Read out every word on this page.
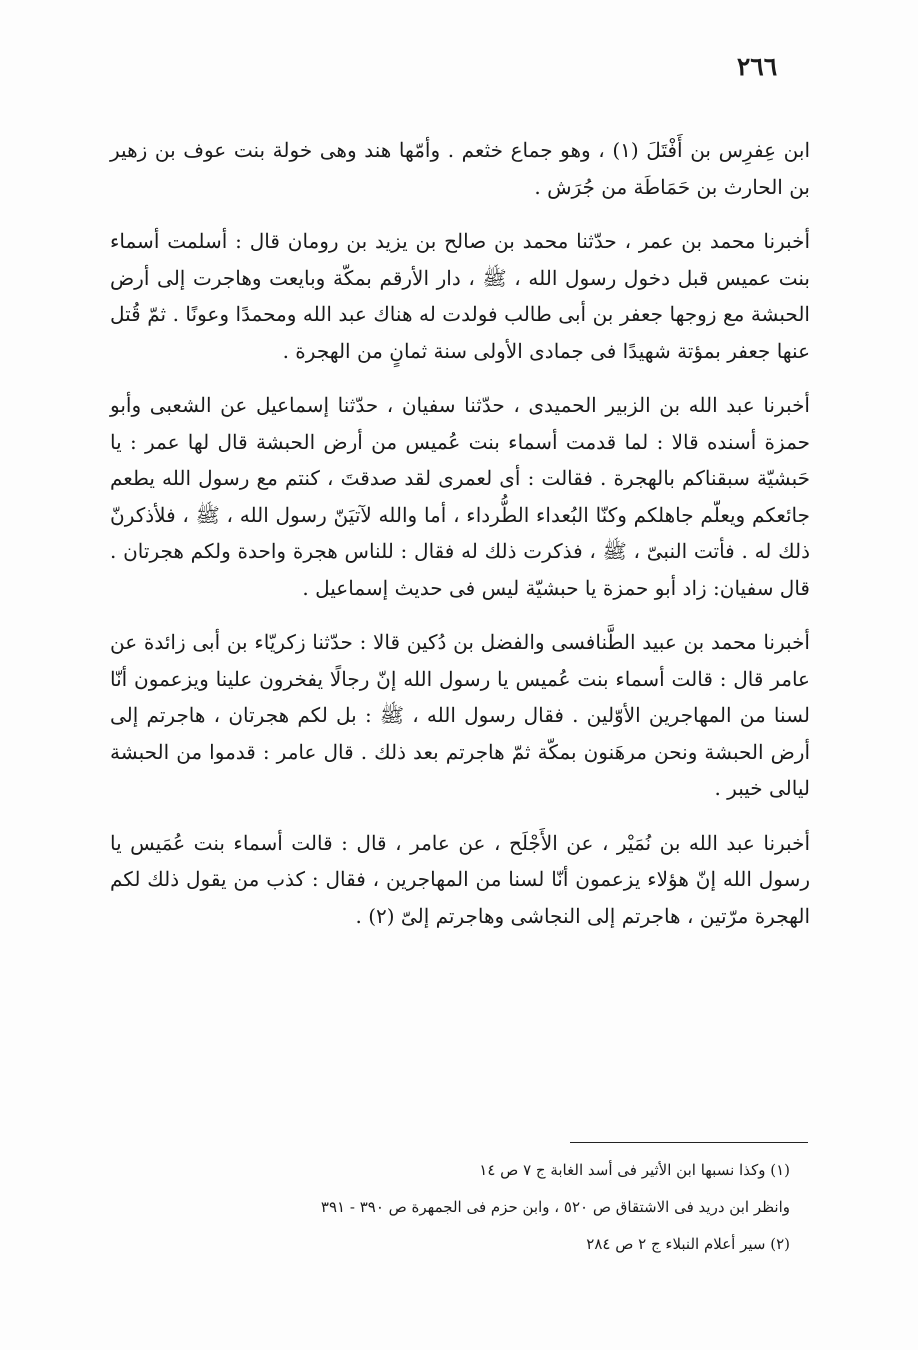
٢٦٦

ابن عِفرِس بن أَفْتَلَ (١) ، وهو جماع خثعم . وأمّها هند وهى خولة بنت عوف بن زهير بن الحارث بن حَمَاطَة من جُرَش .

أخبرنا محمد بن عمر ، حدّثنا محمد بن صالح بن يزيد بن رومان قال : أسلمت أسماء بنت عميس قبل دخول رسول الله ، ﷺ ، دار الأرقم بمكّة وبايعت وهاجرت إلى أرض الحبشة مع زوجها جعفر بن أبى طالب فولدت له هناك عبد الله ومحمدًا وعونًا . ثمّ قُتل عنها جعفر بمؤتة شهيدًا فى جمادى الأولى سنة ثمانٍ من الهجرة .

أخبرنا عبد الله بن الزبير الحميدى ، حدّثنا سفيان ، حدّثنا إسماعيل عن الشعبى وأبو حمزة أسنده قالا : لما قدمت أسماء بنت عُميس من أرض الحبشة قال لها عمر : يا حَبشيّة سبقناكم بالهجرة . فقالت : أى لعمرى لقد صدقتَ ، كنتم مع رسول الله يطعم جائعكم ويعلّم جاهلكم وكنّا البُعداء الطُّرداء ، أما والله لآتيَنّ رسول الله ، ﷺ ، فلأذكرنّ ذلك له . فأتت النبىّ ، ﷺ ، فذكرت ذلك له فقال : للناس هجرة واحدة ولكم هجرتان . قال سفيان: زاد أبو حمزة يا حبشيّة ليس فى حديث إسماعيل .

أخبرنا محمد بن عبيد الطَّنافسى والفضل بن دُكين قالا : حدّثنا زكريّاء بن أبى زائدة عن عامر قال : قالت أسماء بنت عُميس يا رسول الله إنّ رجالًا يفخرون علينا ويزعمون أنّا لسنا من المهاجرين الأوّلين . فقال رسول الله ، ﷺ : بل لكم هجرتان ، هاجرتم إلى أرض الحبشة ونحن مرهَنون بمكّة ثمّ هاجرتم بعد ذلك . قال عامر : قدموا من الحبشة ليالى خيبر .

أخبرنا عبد الله بن نُمَيْر ، عن الأَجْلَح ، عن عامر ، قال : قالت أسماء بنت عُمَيس يا رسول الله إنّ هؤلاء يزعمون أنّا لسنا من المهاجرين ، فقال : كذب من يقول ذلك لكم الهجرة مرّتين ، هاجرتم إلى النجاشى وهاجرتم إلىّ (٢) .

(١) وكذا نسبها ابن الأثير فى أسد الغابة ج ٧ ص ١٤

وانظر ابن دريد فى الاشتقاق ص ٥٢٠ ، وابن حزم فى الجمهرة ص ٣٩٠ - ٣٩١

(٢) سير أعلام النبلاء ج ٢ ص ٢٨٤
